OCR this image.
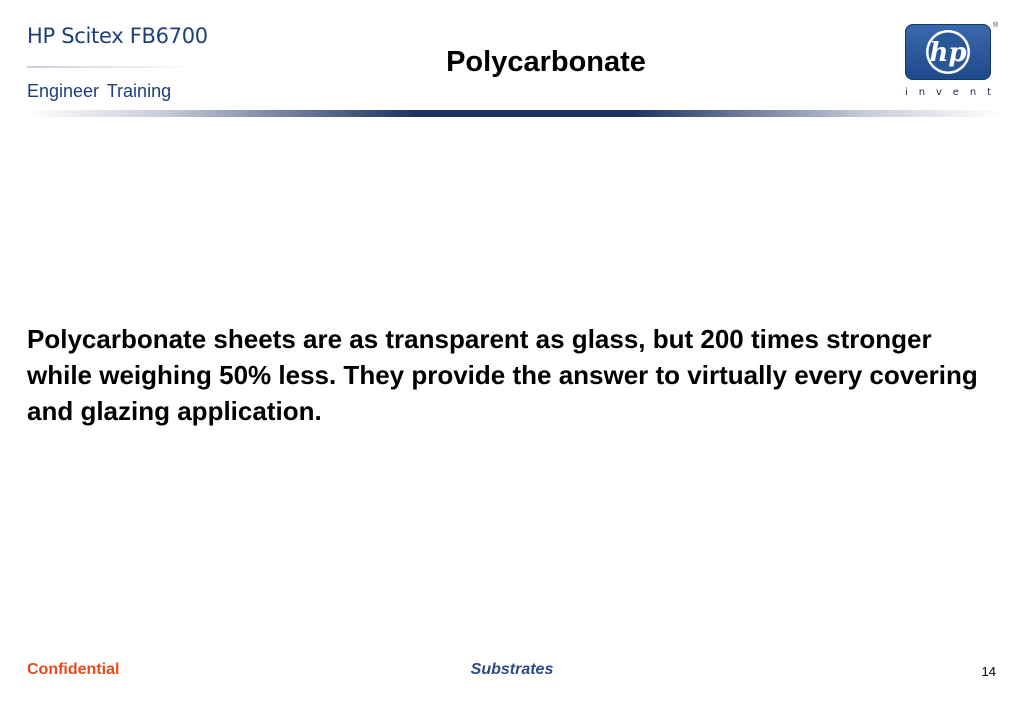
HP Scitex FB6700
Engineer Training
Polycarbonate	hp
®
i n v e n t
Polycarbonate sheets are as transparent as glass, but 200 times stronger while weighing 50% less. They provide the answer to virtually every covering and glazing application.
Confidential	Substrates	14
